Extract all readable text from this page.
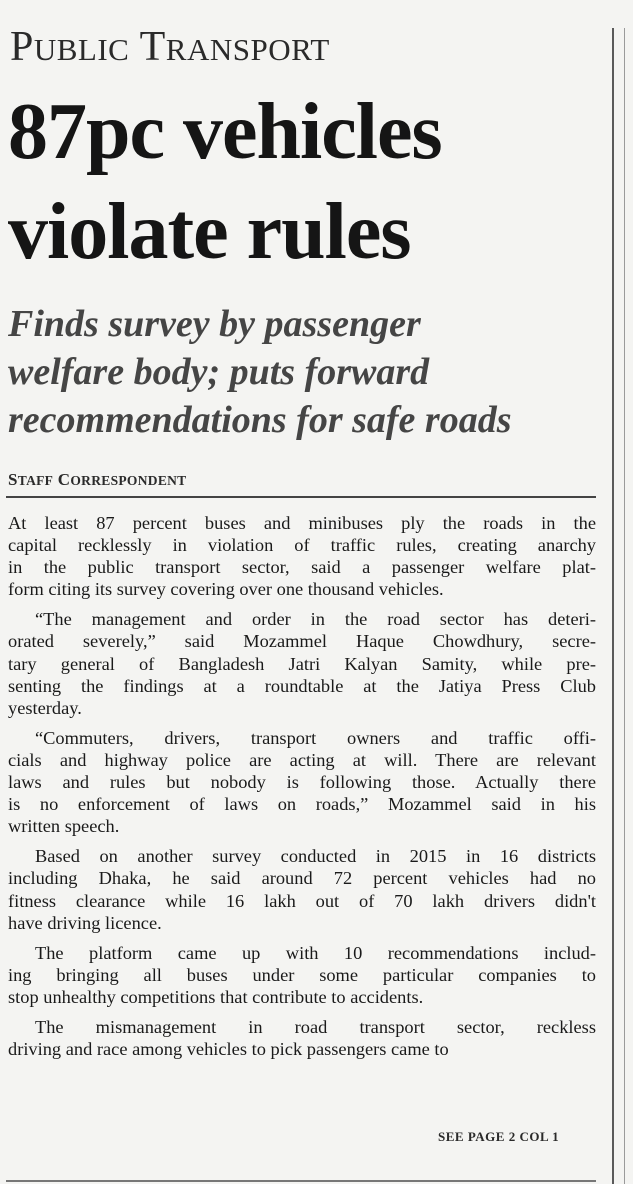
PUBLIC TRANSPORT
87pc vehicles
violate rules
Finds survey by passenger
welfare body; puts forward
recommendations for safe roads
STAFF CORRESPONDENT
At least 87 percent buses and minibuses ply the roads in the
capital recklessly in violation of traffic rules, creating anarchy
in the public transport sector, said a passenger welfare plat-
form citing its survey covering over one thousand vehicles.
“The management and order in the road sector has deteri-
orated severely,” said Mozammel Haque Chowdhury, secre-
tary general of Bangladesh Jatri Kalyan Samity, while pre-
senting the findings at a roundtable at the Jatiya Press Club
yesterday.
“Commuters, drivers, transport owners and traffic offi-
cials and highway police are acting at will. There are relevant
laws and rules but nobody is following those. Actually there
is no enforcement of laws on roads,” Mozammel said in his
written speech.
Based on another survey conducted in 2015 in 16 districts
including Dhaka, he said around 72 percent vehicles had no
fitness clearance while 16 lakh out of 70 lakh drivers didn't
have driving licence.
The platform came up with 10 recommendations includ-
ing bringing all buses under some particular companies to
stop unhealthy competitions that contribute to accidents.
The mismanagement in road transport sector, reckless
driving and race among vehicles to pick passengers came to
SEE PAGE 2 COL 1
